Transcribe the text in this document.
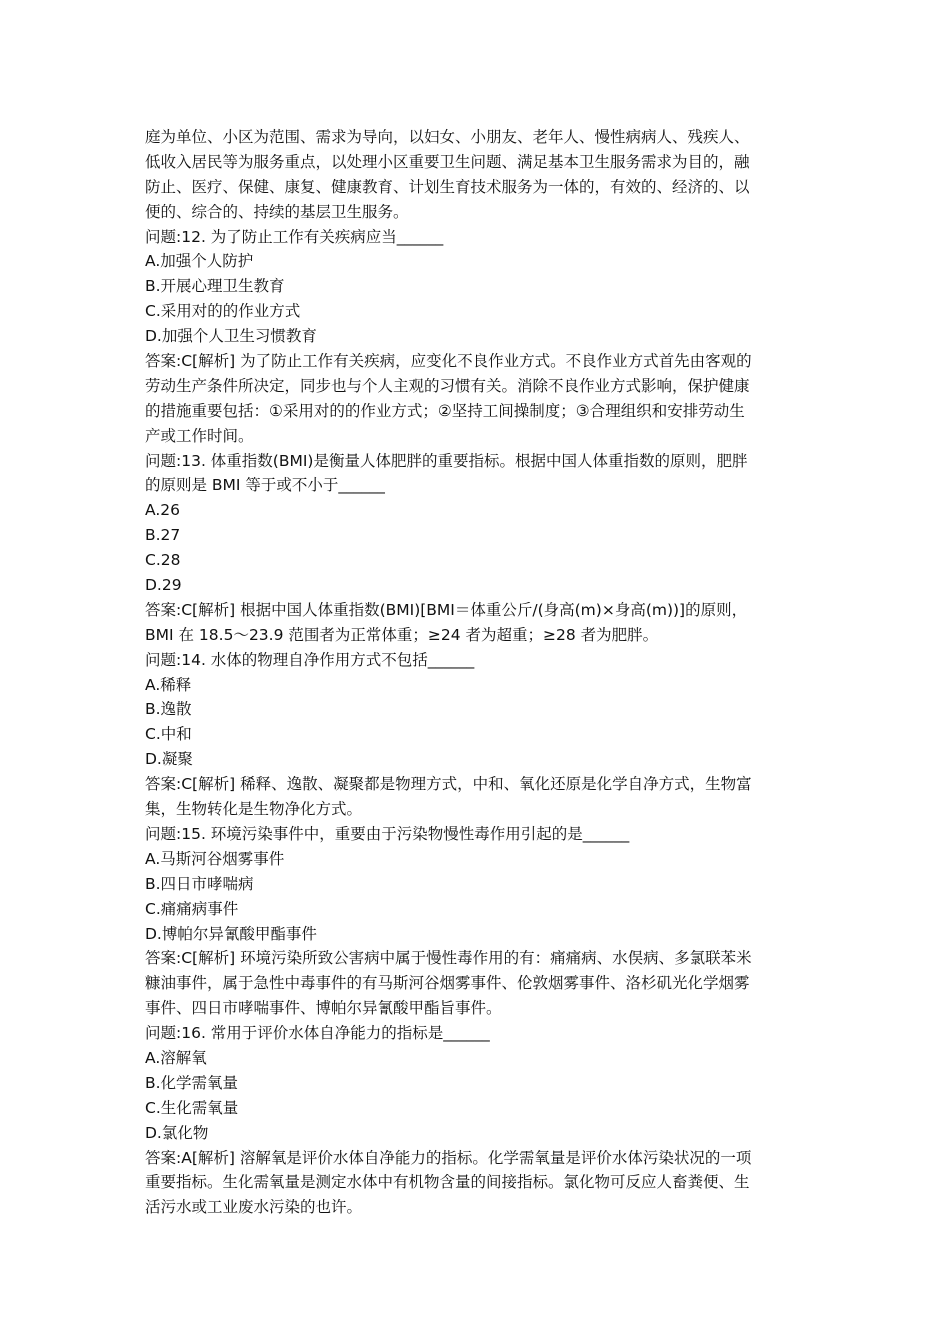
庭为单位、小区为范围、需求为导向，以妇女、小朋友、老年人、慢性病病人、残疾人、
低收入居民等为服务重点，以处理小区重要卫生问题、满足基本卫生服务需求为目的，融
防止、医疗、保健、康复、健康教育、计划生育技术服务为一体的，有效的、经济的、以
便的、综合的、持续的基层卫生服务。
问题:12. 为了防止工作有关疾病应当______
A.加强个人防护
B.开展心理卫生教育
C.采用对的的作业方式
D.加强个人卫生习惯教育
答案:C[解析] 为了防止工作有关疾病，应变化不良作业方式。不良作业方式首先由客观的
劳动生产条件所决定，同步也与个人主观的习惯有关。消除不良作业方式影响，保护健康
的措施重要包括：①采用对的的作业方式；②坚持工间操制度；③合理组织和安排劳动生
产或工作时间。
问题:13. 体重指数(BMI)是衡量人体肥胖的重要指标。根据中国人体重指数的原则，肥胖
的原则是 BMI 等于或不小于______
A.26
B.27
C.28
D.29
答案:C[解析] 根据中国人体重指数(BMI)[BMI＝体重公斤/(身高(m)×身高(m))]的原则，
BMI 在 18.5～23.9 范围者为正常体重；≥24 者为超重；≥28 者为肥胖。
问题:14. 水体的物理自净作用方式不包括______
A.稀释
B.逸散
C.中和
D.凝聚
答案:C[解析] 稀释、逸散、凝聚都是物理方式，中和、氧化还原是化学自净方式，生物富
集，生物转化是生物净化方式。
问题:15. 环境污染事件中，重要由于污染物慢性毒作用引起的是______
A.马斯河谷烟雾事件
B.四日市哮喘病
C.痛痛病事件
D.博帕尔异氰酸甲酯事件
答案:C[解析] 环境污染所致公害病中属于慢性毒作用的有：痛痛病、水俣病、多氯联苯米
糠油事件，属于急性中毒事件的有马斯河谷烟雾事件、伦敦烟雾事件、洛杉矶光化学烟雾
事件、四日市哮喘事件、博帕尔异氰酸甲酯旨事件。
问题:16. 常用于评价水体自净能力的指标是______
A.溶解氧
B.化学需氧量
C.生化需氧量
D.氯化物
答案:A[解析] 溶解氧是评价水体自净能力的指标。化学需氧量是评价水体污染状况的一项
重要指标。生化需氧量是测定水体中有机物含量的间接指标。氯化物可反应人畜粪便、生
活污水或工业废水污染的也许。
